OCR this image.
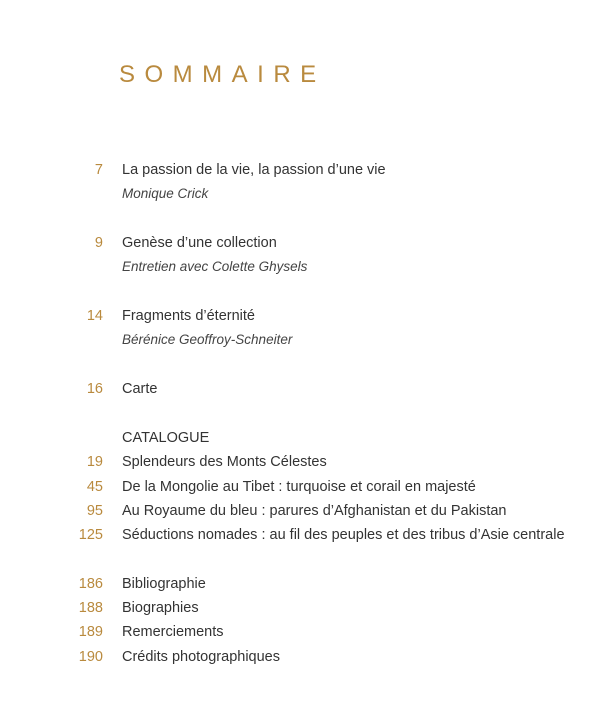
SOMMAIRE
7 La passion de la vie, la passion d’une vie
Monique Crick
9 Genèse d’une collection
Entretien avec Colette Ghysels
14 Fragments d’éternité
Bérénice Geoffroy-Schneiter
16 Carte
CATALOGUE
19 Splendeurs des Monts Célestes
45 De la Mongolie au Tibet : turquoise et corail en majesté
95 Au Royaume du bleu : parures d’Afghanistan et du Pakistan
125 Séductions nomades : au fil des peuples et des tribus d’Asie centrale
186 Bibliographie
188 Biographies
189 Remerciements
190 Crédits photographiques
